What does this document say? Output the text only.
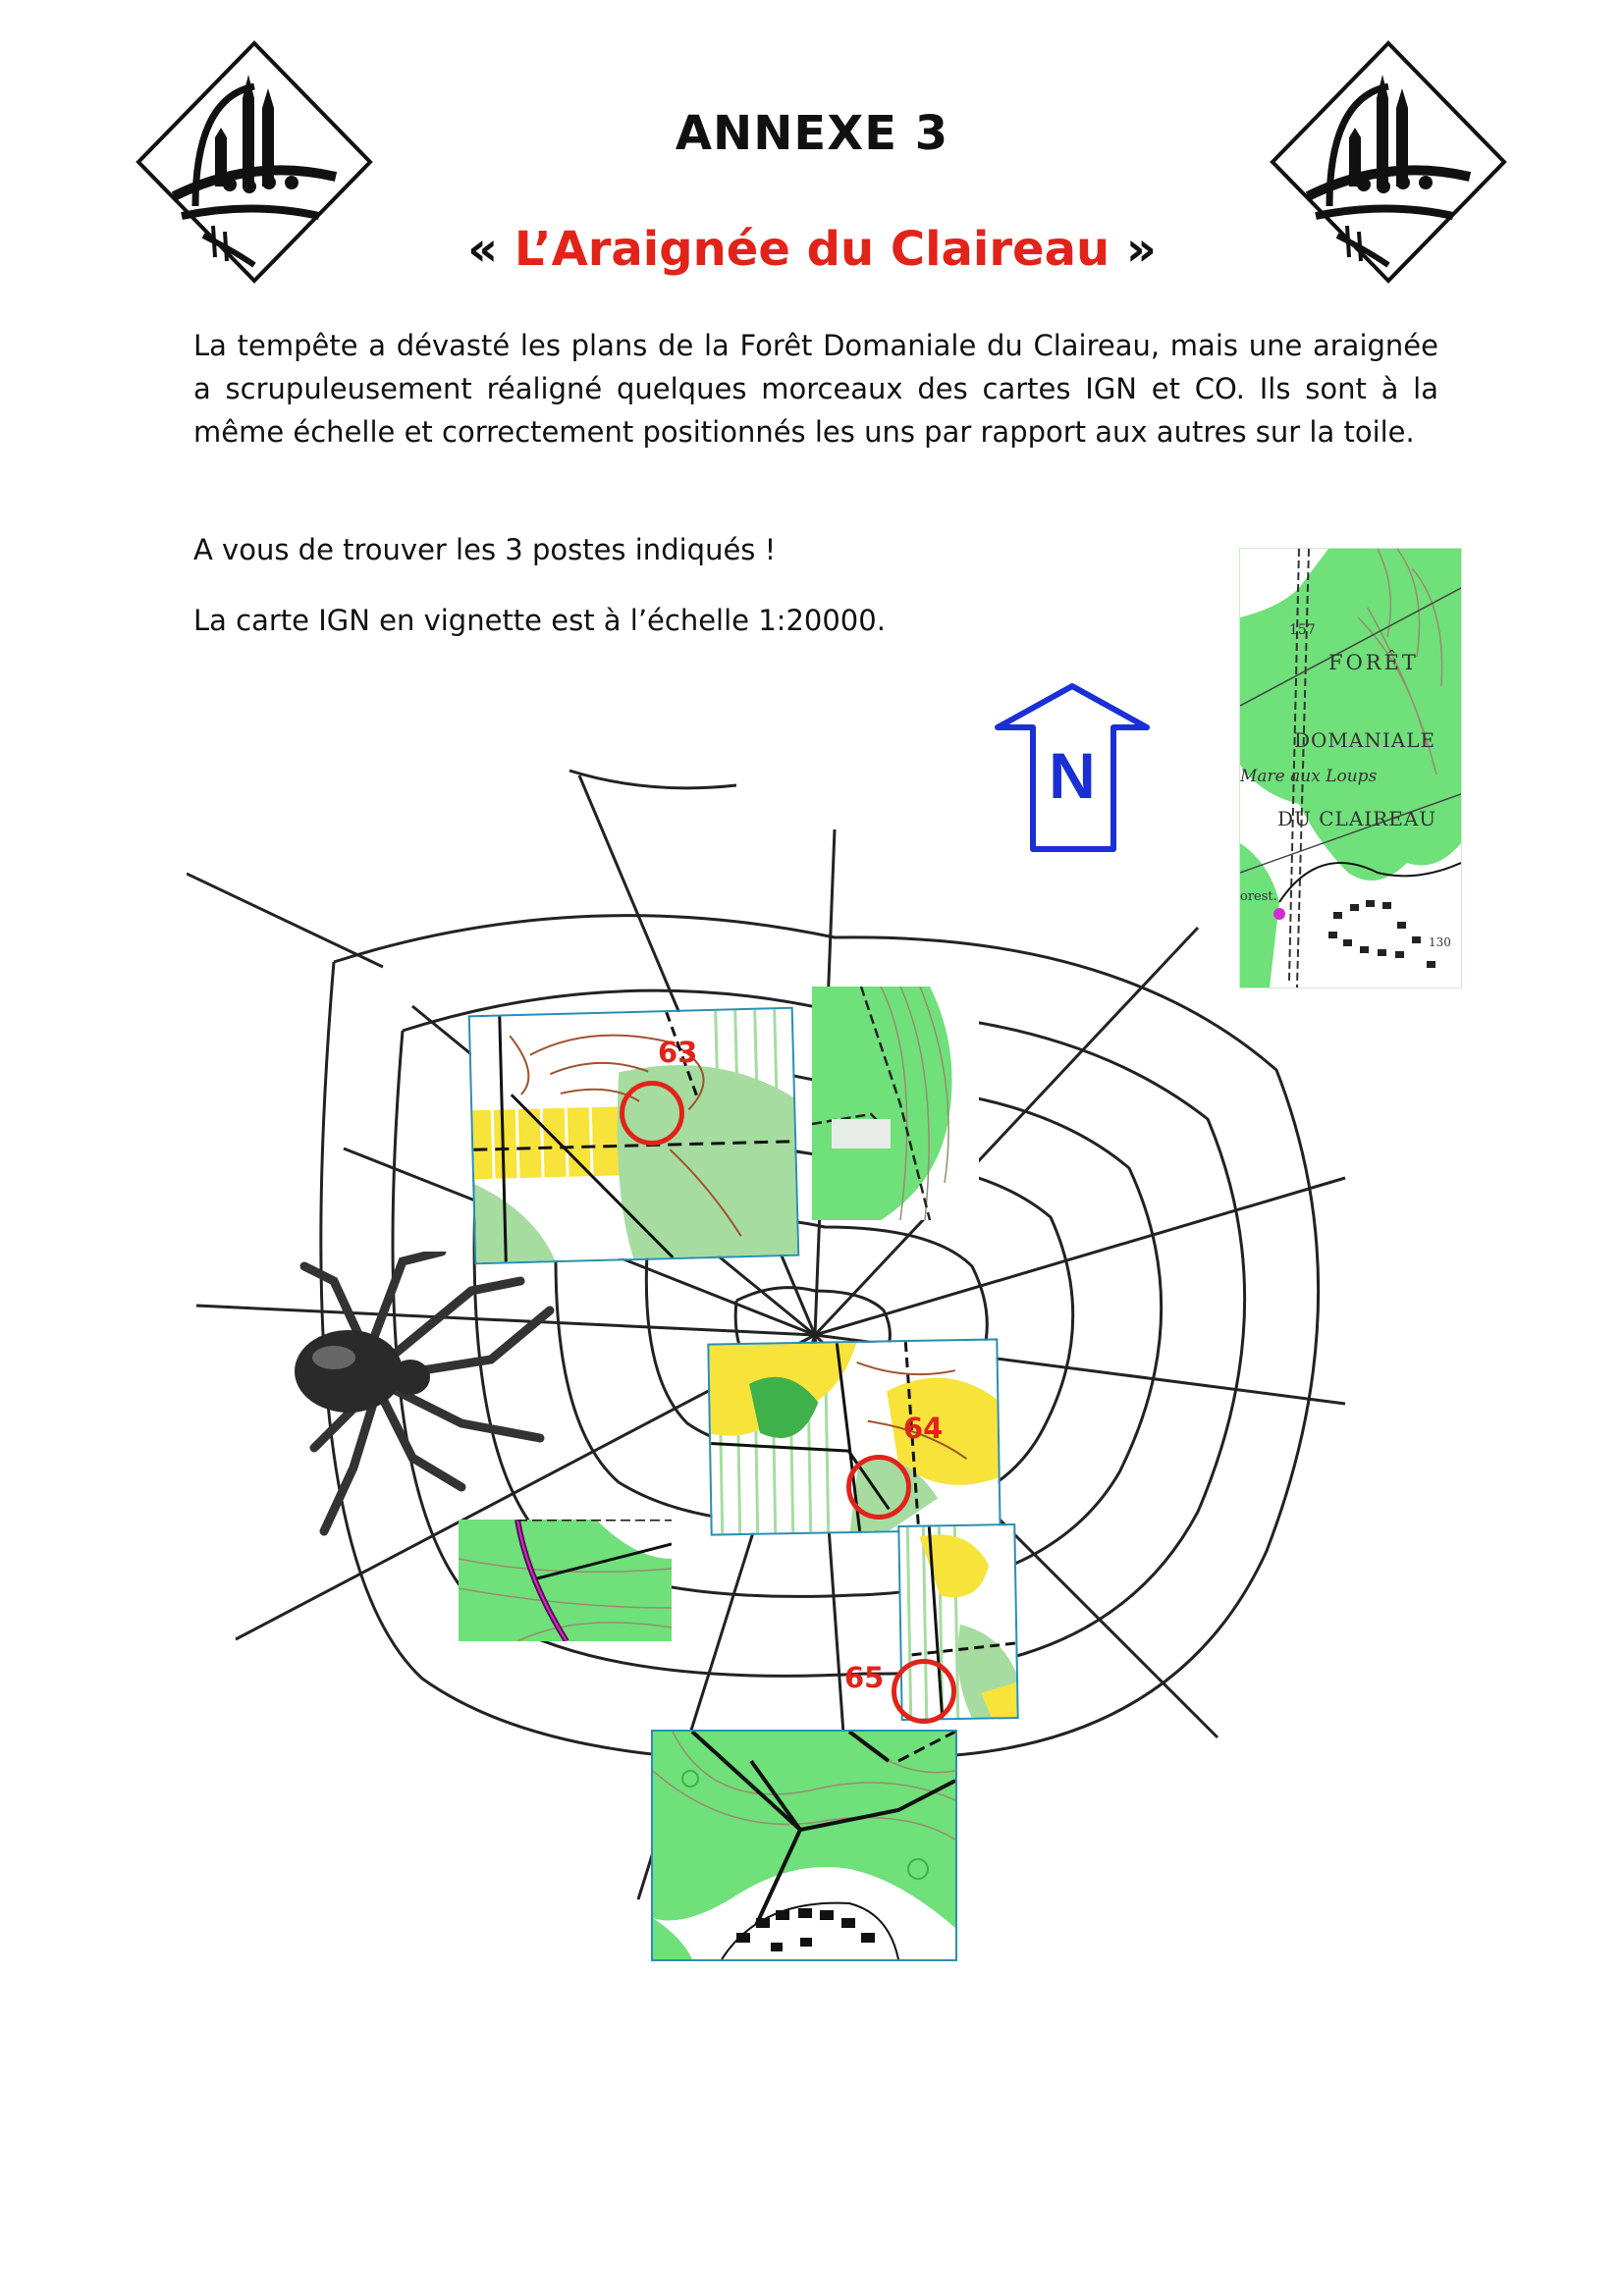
ANNEXE 3
« L’Araignée du Claireau »

La tempête a dévasté les plans de la Forêt Domaniale du Claireau, mais une araignée a scrupuleusement réaligné quelques morceaux des cartes IGN et CO. Ils sont à la même échelle et correctement positionnés les uns par rapport aux autres sur la toile.

A vous de trouver les 3 postes indiqués !

La carte IGN en vignette est à l’échelle 1:20000.

N
157
FORÊT
DOMANIALE
Mare aux Loups
DU CLAIREAU
orest.
130
63
64
65
